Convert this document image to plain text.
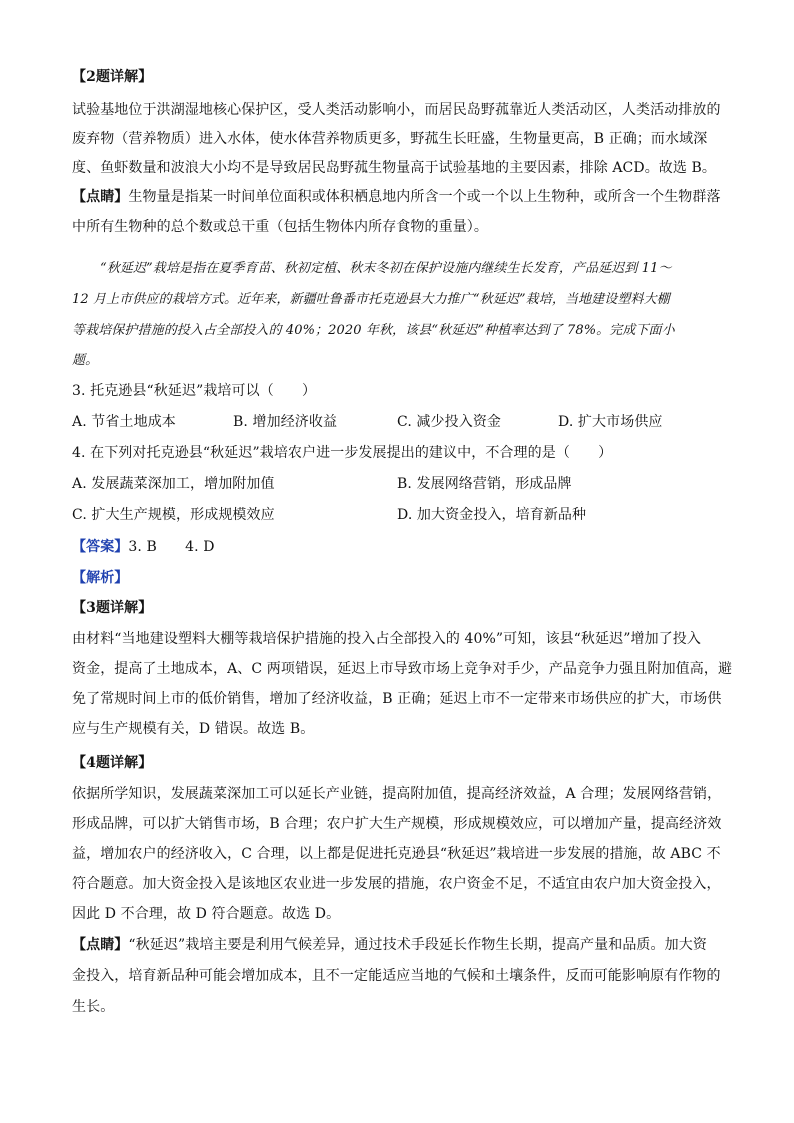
【2题详解】
试验基地位于洪湖湿地核心保护区，受人类活动影响小，而居民岛野菰靠近人类活动区，人类活动排放的
废弃物（营养物质）进入水体，使水体营养物质更多，野菰生长旺盛，生物量更高，B 正确；而水域深
度、鱼虾数量和波浪大小均不是导致居民岛野菰生物量高于试验基地的主要因素，排除 ACD。故选 B。
【点睛】生物量是指某一时间单位面积或体积栖息地内所含一个或一个以上生物种，或所含一个生物群落
中所有生物种的总个数或总干重（包括生物体内所存食物的重量）。
“秋延迟”栽培是指在夏季育苗、秋初定植、秋末冬初在保护设施内继续生长发育，产品延迟到 11～
12 月上市供应的栽培方式。近年来，新疆吐鲁番市托克逊县大力推广“秋延迟”栽培，当地建设塑料大棚
等栽培保护措施的投入占全部投入的 40%；2020 年秋，该县“秋延迟”种植率达到了 78%。完成下面小
题。
3. 托克逊县“秋延迟”栽培可以（　　）
A. 节省土地成本	B. 增加经济收益	C. 减少投入资金	D. 扩大市场供应
4. 在下列对托克逊县“秋延迟”栽培农户进一步发展提出的建议中，不合理的是（　　）
A. 发展蔬菜深加工，增加附加值	B. 发展网络营销，形成品牌
C. 扩大生产规模，形成规模效应	D. 加大资金投入，培育新品种
【答案】3. B　　4. D
【解析】
【3题详解】
由材料“当地建设塑料大棚等栽培保护措施的投入占全部投入的 40%”可知，该县“秋延迟”增加了投入
资金，提高了土地成本，A、C 两项错误，延迟上市导致市场上竞争对手少，产品竞争力强且附加值高，避
免了常规时间上市的低价销售，增加了经济收益，B 正确；延迟上市不一定带来市场供应的扩大，市场供
应与生产规模有关，D 错误。故选 B。
【4题详解】
依据所学知识，发展蔬菜深加工可以延长产业链，提高附加值，提高经济效益，A 合理；发展网络营销，
形成品牌，可以扩大销售市场，B 合理；农户扩大生产规模，形成规模效应，可以增加产量，提高经济效
益，增加农户的经济收入，C 合理，以上都是促进托克逊县“秋延迟”栽培进一步发展的措施，故 ABC 不
符合题意。加大资金投入是该地区农业进一步发展的措施，农户资金不足，不适宜由农户加大资金投入，
因此 D 不合理，故 D 符合题意。故选 D。
【点睛】“秋延迟”栽培主要是利用气候差异，通过技术手段延长作物生长期，提高产量和品质。加大资
金投入，培育新品种可能会增加成本，且不一定能适应当地的气候和土壤条件，反而可能影响原有作物的
生长。
